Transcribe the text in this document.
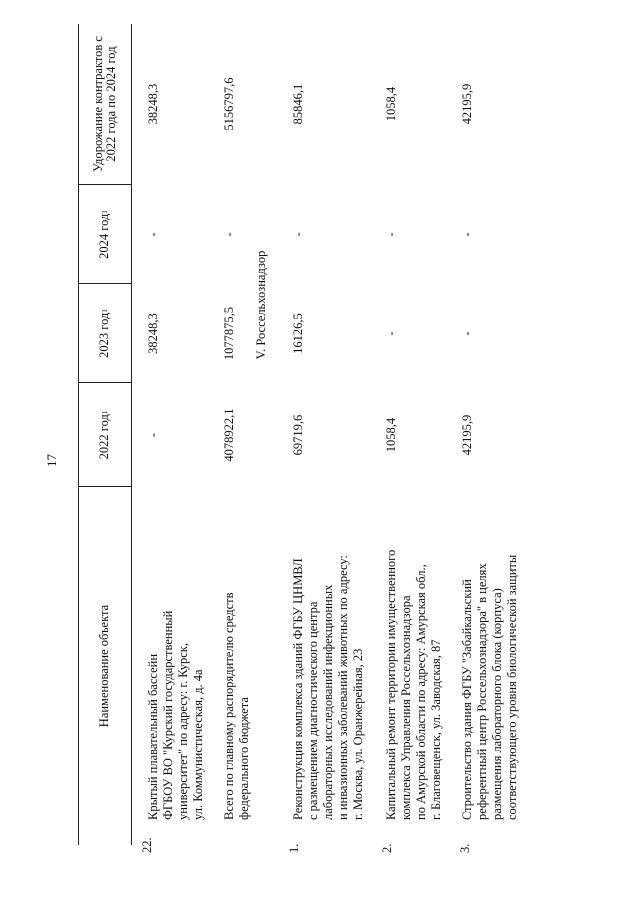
17
Наименование объекта
2022 год
1
2023 год
1
2024 год
1
Удорожание контрактов с 2022 года по 2024 год
22.
Крытый плавательный бассейн
ФГБОУ ВО "Курский государственный
университет" по адресу: г. Курск,
ул. Коммунистическая, д. 4а
-
38248,3
-
38248,3
Всего по главному распорядителю средств
федерального бюджета
4078922,1
1077875,5
-
5156797,6
V. Россельхознадзор
1.
Реконструкция комплекса зданий ФГБУ ЦНМВЛ
с размещением диагностического центра
лабораторных исследований инфекционных
и инвазионных заболеваний животных по адресу:
г. Москва, ул. Оранжерейная, 23
69719,6
16126,5
-
85846,1
2.
Капитальный ремонт территории имущественного
комплекса Управления Россельхознадзора
по Амурской области по адресу: Амурская обл.,
г. Благовещенск, ул. Заводская, 87
1058,4
-
-
1058,4
3.
Строительство здания ФГБУ "Забайкальский
референтный центр Россельхознадзора" в целях
размещения лабораторного блока (корпуса)
соответствующего уровня биологической защиты
42195,9
-
-
42195,9
